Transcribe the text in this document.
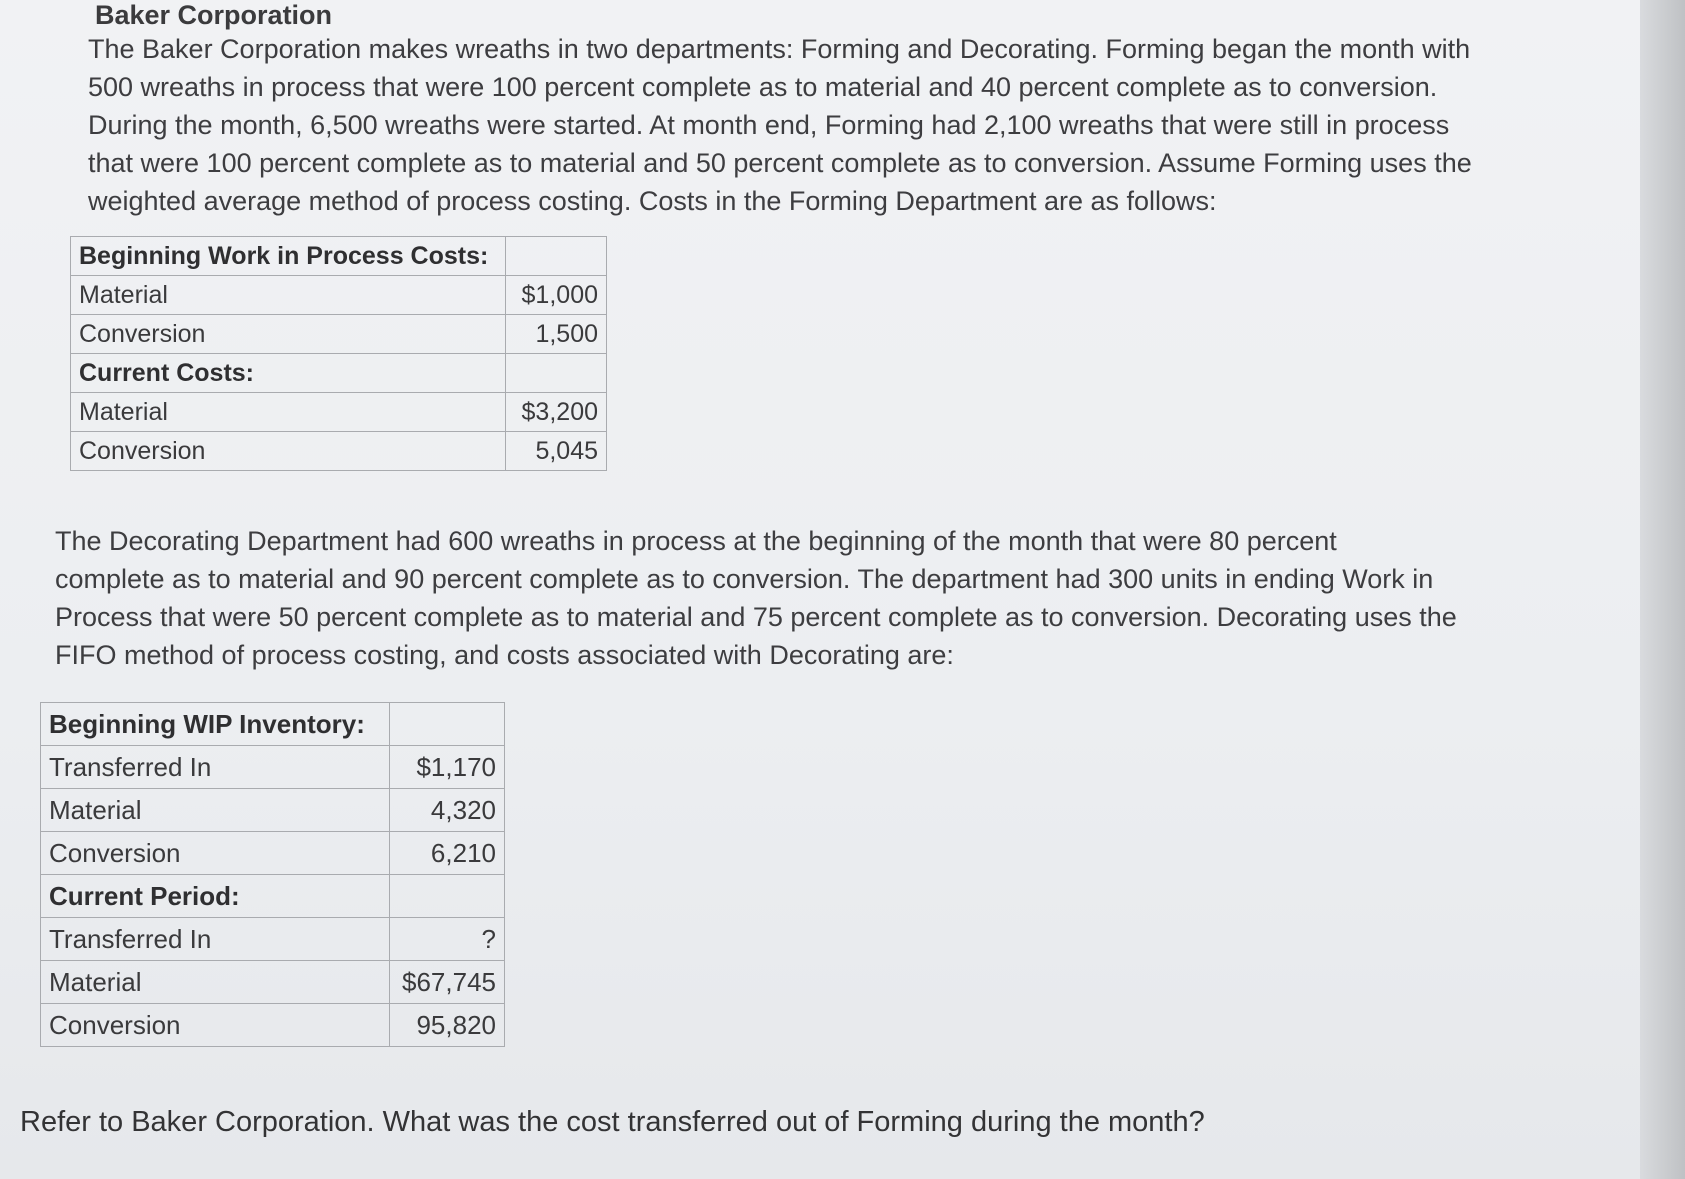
Baker Corporation

The Baker Corporation makes wreaths in two departments: Forming and Decorating. Forming began the month with

500 wreaths in process that were 100 percent complete as to material and 40 percent complete as to conversion.

During the month, 6,500 wreaths were started. At month end, Forming had 2,100 wreaths that were still in process

that were 100 percent complete as to material and 50 percent complete as to conversion. Assume Forming uses the

weighted average method of process costing. Costs in the Forming Department are as follows:

Beginning Work in Process Costs:	
Material	$1,000
Conversion	1,500
Current Costs:	
Material	$3,200
Conversion	5,045

The Decorating Department had 600 wreaths in process at the beginning of the month that were 80 percent

complete as to material and 90 percent complete as to conversion. The department had 300 units in ending Work in

Process that were 50 percent complete as to material and 75 percent complete as to conversion. Decorating uses the

FIFO method of process costing, and costs associated with Decorating are:

Beginning WIP Inventory:	
Transferred In	$1,170
Material	4,320
Conversion	6,210
Current Period:	
Transferred In	?
Material	$67,745
Conversion	95,820
Refer to Baker Corporation. What was the cost transferred out of Forming during the month?
